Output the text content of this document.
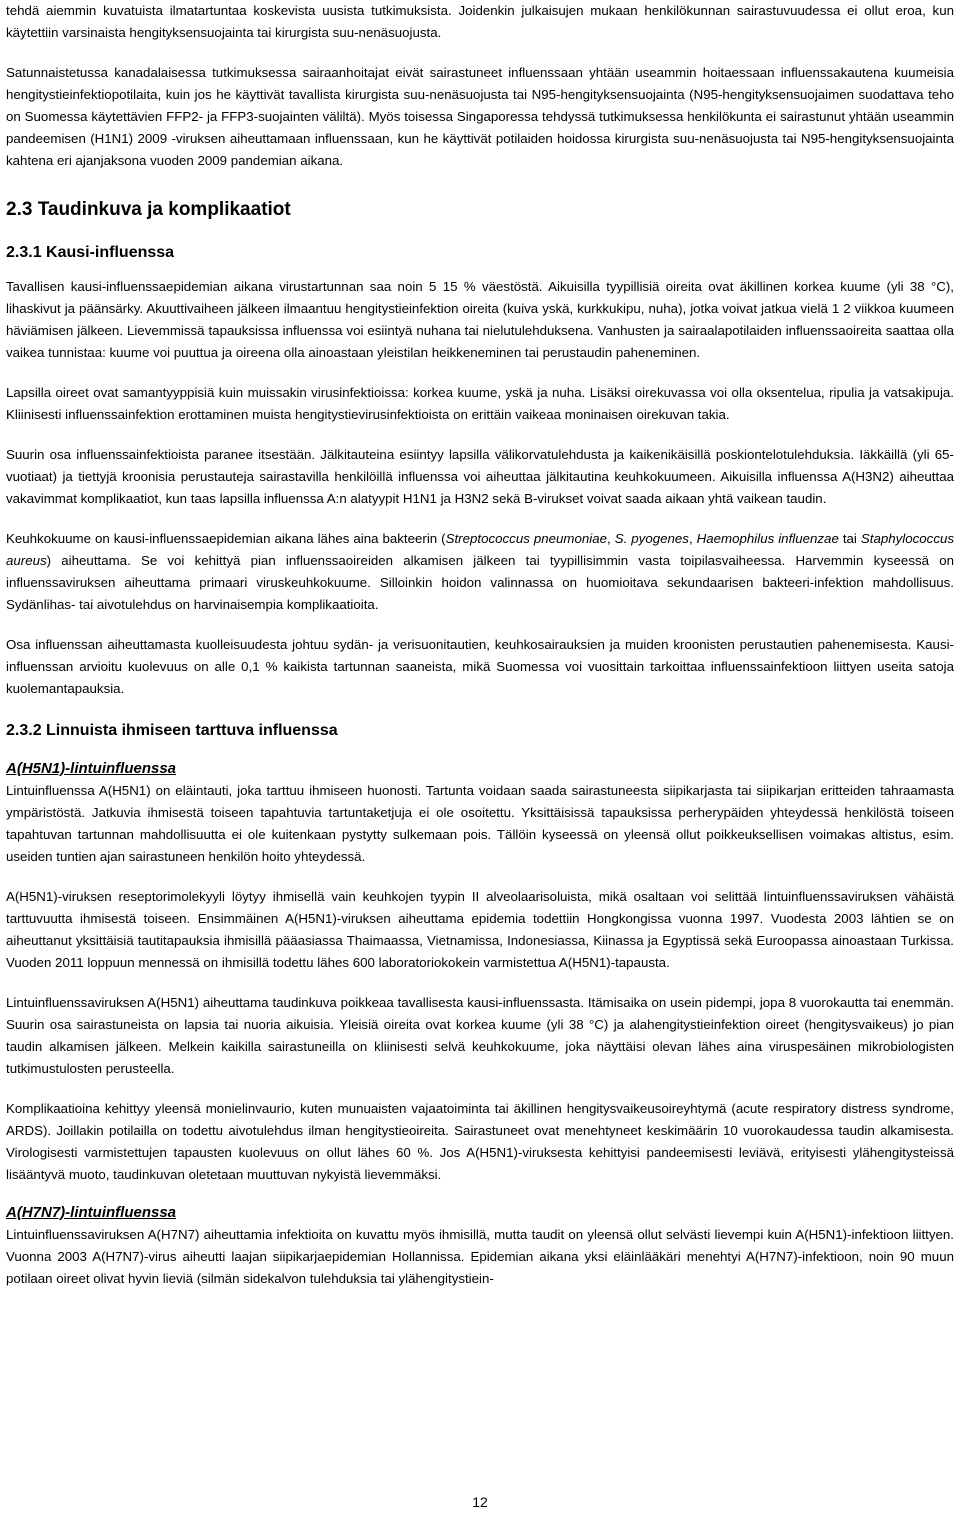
tehdä aiemmin kuvatuista ilmatartuntaa koskevista uusista tutkimuksista. Joidenkin julkaisujen mukaan henkilökunnan sairastuvuudessa ei ollut eroa, kun käytettiin varsinaista hengityksensuojainta tai kirurgista suu-nenäsuojusta.

Satunnaistetussa kanadalaisessa tutkimuksessa sairaanhoitajat eivät sairastuneet influenssaan yhtään useammin hoitaessaan influenssakautena kuumeisia hengitystieinfektiopotilaita, kuin jos he käyttivät tavallista kirurgista suu-nenäsuojusta tai N95-hengityksensuojainta (N95-hengityksensuojaimen suodattava teho on Suomessa käytettävien FFP2- ja FFP3-suojainten väliltä). Myös toisessa Singaporessa tehdyssä tutkimuksessa henkilökunta ei sairastunut yhtään useammin pandeemisen (H1N1) 2009 -viruksen aiheuttamaan influenssaan, kun he käyttivät potilaiden hoidossa kirurgista suu-nenäsuojusta tai N95-hengityksensuojainta kahtena eri ajanjaksona vuoden 2009 pandemian aikana.

2.3 Taudinkuva ja komplikaatiot
2.3.1 Kausi-influenssa

Tavallisen kausi-influenssaepidemian aikana virustartunnan saa noin 5 15 % väestöstä. Aikuisilla tyypillisiä oireita ovat äkillinen korkea kuume (yli 38 °C), lihaskivut ja päänsärky. Akuuttivaiheen jälkeen ilmaantuu hengitystieinfektion oireita (kuiva yskä, kurkkukipu, nuha), jotka voivat jatkua vielä 1 2 viikkoa kuumeen häviämisen jälkeen. Lievemmissä tapauksissa influenssa voi esiintyä nuhana tai nielutulehduksena. Vanhusten ja sairaalapotilaiden influenssaoireita saattaa olla vaikea tunnistaa: kuume voi puuttua ja oireena olla ainoastaan yleistilan heikkeneminen tai perustaudin paheneminen.

Lapsilla oireet ovat samantyyppisiä kuin muissakin virusinfektioissa: korkea kuume, yskä ja nuha. Lisäksi oirekuvassa voi olla oksentelua, ripulia ja vatsakipuja. Kliinisesti influenssainfektion erottaminen muista hengitystievirusinfektioista on erittäin vaikeaa moninaisen oirekuvan takia.

Suurin osa influenssainfektioista paranee itsestään. Jälkitauteina esiintyy lapsilla välikorvatulehdusta ja kaikenikäisillä poskiontelotulehduksia. Iäkkäillä (yli 65-vuotiaat) ja tiettyjä kroonisia perustauteja sairastavilla henkilöillä influenssa voi aiheuttaa jälkitautina keuhkokuumeen. Aikuisilla influenssa A(H3N2) aiheuttaa vakavimmat komplikaatiot, kun taas lapsilla influenssa A:n alatyypit H1N1 ja H3N2 sekä B-virukset voivat saada aikaan yhtä vaikean taudin.

Keuhkokuume on kausi-influenssaepidemian aikana lähes aina bakteerin (Streptococcus pneumoniae, S. pyogenes, Haemophilus influenzae tai Staphylococcus aureus) aiheuttama. Se voi kehittyä pian influenssaoireiden alkamisen jälkeen tai tyypillisimmin vasta toipilasvaiheessa. Harvemmin kyseessä on influenssaviruksen aiheuttama primaari viruskeuhkokuume. Silloinkin hoidon valinnassa on huomioitava sekundaarisen bakteeri-infektion mahdollisuus. Sydänlihas- tai aivotulehdus on harvinaisempia komplikaatioita.

Osa influenssan aiheuttamasta kuolleisuudesta johtuu sydän- ja verisuonitautien, keuhkosairauksien ja muiden kroonisten perustautien pahenemisesta. Kausi-influenssan arvioitu kuolevuus on alle 0,1 % kaikista tartunnan saaneista, mikä Suomessa voi vuosittain tarkoittaa influenssainfektioon liittyen useita satoja kuolemantapauksia.

2.3.2 Linnuista ihmiseen tarttuva influenssa
A(H5N1)-lintuinfluenssa

Lintuinfluenssa A(H5N1) on eläintauti, joka tarttuu ihmiseen huonosti. Tartunta voidaan saada sairastuneesta siipikarjasta tai siipikarjan eritteiden tahraamasta ympäristöstä. Jatkuvia ihmisestä toiseen tapahtuvia tartuntaketjuja ei ole osoitettu. Yksittäisissä tapauksissa perherypäiden yhteydessä henkilöstä toiseen tapahtuvan tartunnan mahdollisuutta ei ole kuitenkaan pystytty sulkemaan pois. Tällöin kyseessä on yleensä ollut poikkeuksellisen voimakas altistus, esim. useiden tuntien ajan sairastuneen henkilön hoito yhteydessä.

A(H5N1)-viruksen reseptorimolekyyli löytyy ihmisellä vain keuhkojen tyypin II alveolaarisoluista, mikä osaltaan voi selittää lintuinfluenssaviruksen vähäistä tarttuvuutta ihmisestä toiseen. Ensimmäinen A(H5N1)-viruksen aiheuttama epidemia todettiin Hongkongissa vuonna 1997. Vuodesta 2003 lähtien se on aiheuttanut yksittäisiä tautitapauksia ihmisillä pääasiassa Thaimaassa, Vietnamissa, Indonesiassa, Kiinassa ja Egyptissä sekä Euroopassa ainoastaan Turkissa. Vuoden 2011 loppuun mennessä on ihmisillä todettu lähes 600 laboratoriokokein varmistettua A(H5N1)-tapausta.

Lintuinfluenssaviruksen A(H5N1) aiheuttama taudinkuva poikkeaa tavallisesta kausi-influenssasta. Itämisaika on usein pidempi, jopa 8 vuorokautta tai enemmän. Suurin osa sairastuneista on lapsia tai nuoria aikuisia. Yleisiä oireita ovat korkea kuume (yli 38 °C) ja alahengitystieinfektion oireet (hengitysvaikeus) jo pian taudin alkamisen jälkeen. Melkein kaikilla sairastuneilla on kliinisesti selvä keuhkokuume, joka näyttäisi olevan lähes aina viruspesäinen mikrobiologisten tutkimustulosten perusteella.

Komplikaatioina kehittyy yleensä monielinvaurio, kuten munuaisten vajaatoiminta tai äkillinen hengitysvaikeusoireyhtymä (acute respiratory distress syndrome, ARDS). Joillakin potilailla on todettu aivotulehdus ilman hengitystieoireita. Sairastuneet ovat menehtyneet keskimäärin 10 vuorokaudessa taudin alkamisesta. Virologisesti varmistettujen tapausten kuolevuus on ollut lähes 60 %. Jos A(H5N1)-viruksesta kehittyisi pandeemisesti leviävä, erityisesti ylähengitysteissä lisääntyvä muoto, taudinkuvan oletetaan muuttuvan nykyistä lievemmäksi.

A(H7N7)-lintuinfluenssa

Lintuinfluenssaviruksen A(H7N7) aiheuttamia infektioita on kuvattu myös ihmisillä, mutta taudit on yleensä ollut selvästi lievempi kuin A(H5N1)-infektioon liittyen. Vuonna 2003 A(H7N7)-virus aiheutti laajan siipikarjaepidemian Hollannissa. Epidemian aikana yksi eläinlääkäri menehtyi A(H7N7)-infektioon, noin 90 muun potilaan oireet olivat hyvin lieviä (silmän sidekalvon tulehduksia tai ylähengitystiein-

12
